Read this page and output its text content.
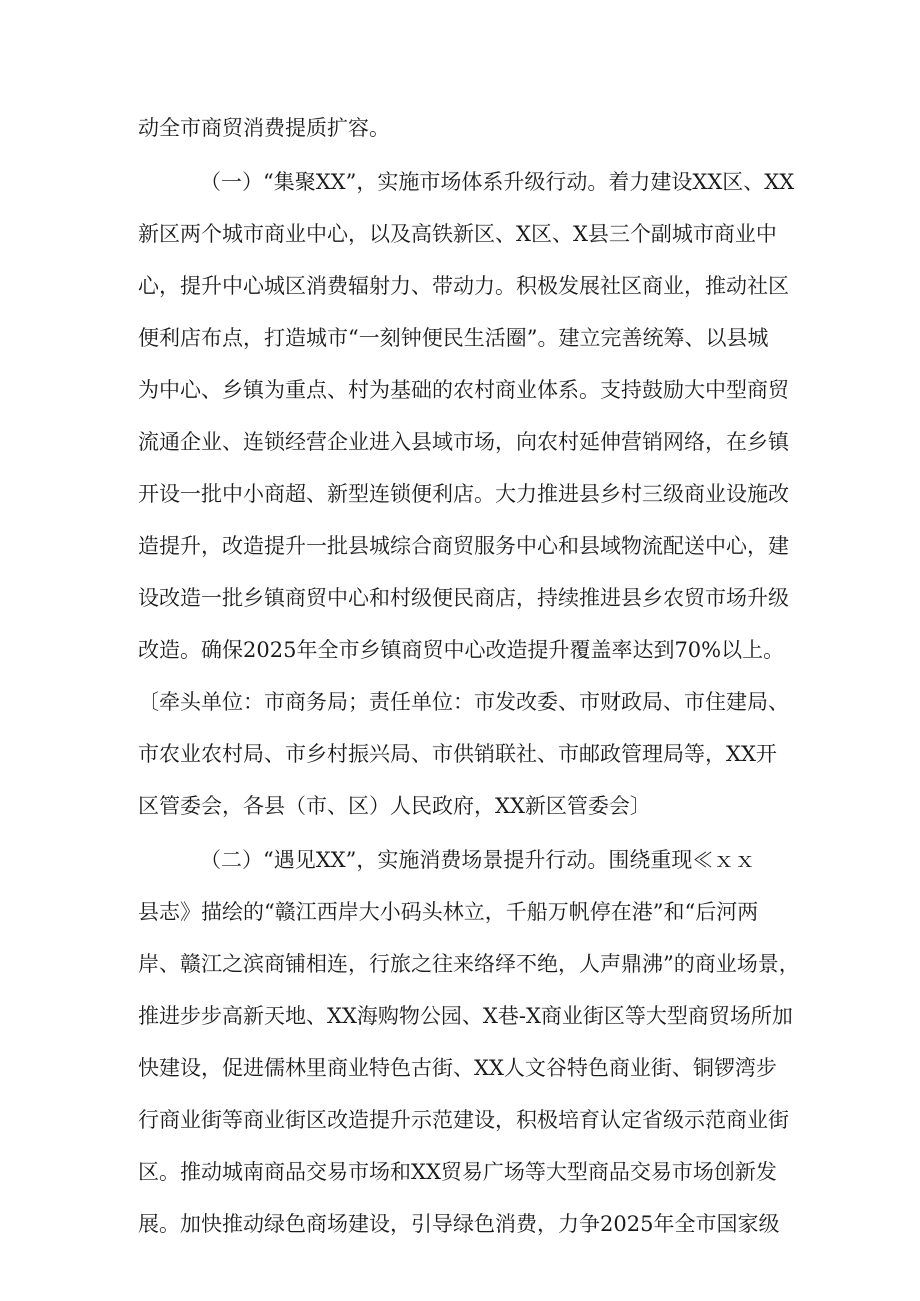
动全市商贸消费提质扩容。
（一）“集聚XX”，实施市场体系升级行动。着力建设XX区、XX
新区两个城市商业中心，以及高铁新区、X区、X县三个副城市商业中
心，提升中心城区消费辐射力、带动力。积极发展社区商业，推动社区
便利店布点，打造城市“一刻钟便民生活圈”。建立完善统筹、以县城
为中心、乡镇为重点、村为基础的农村商业体系。支持鼓励大中型商贸
流通企业、连锁经营企业进入县域市场，向农村延伸营销网络，在乡镇
开设一批中小商超、新型连锁便利店。大力推进县乡村三级商业设施改
造提升，改造提升一批县城综合商贸服务中心和县域物流配送中心，建
设改造一批乡镇商贸中心和村级便民商店，持续推进县乡农贸市场升级
改造。确保2025年全市乡镇商贸中心改造提升覆盖率达到70%以上。
〔牵头单位：市商务局；责任单位：市发改委、市财政局、市住建局、
市农业农村局、市乡村振兴局、市供销联社、市邮政管理局等，XX开
区管委会，各县（市、区）人民政府，XX新区管委会〕
（二）“遇见XX”，实施消费场景提升行动。围绕重现≪ｘｘ
县志》描绘的“赣江西岸大小码头林立，千船万帆停在港”和“后河两
岸、赣江之滨商铺相连，行旅之往来络绎不绝，人声鼎沸”的商业场景，
推进步步高新天地、XX海购物公园、X巷-X商业街区等大型商贸场所加
快建设，促进儒林里商业特色古街、XX人文谷特色商业街、铜锣湾步
行商业街等商业街区改造提升示范建设，积极培育认定省级示范商业街
区。推动城南商品交易市场和XX贸易广场等大型商品交易市场创新发
展。加快推动绿色商场建设，引导绿色消费，力争2025年全市国家级
